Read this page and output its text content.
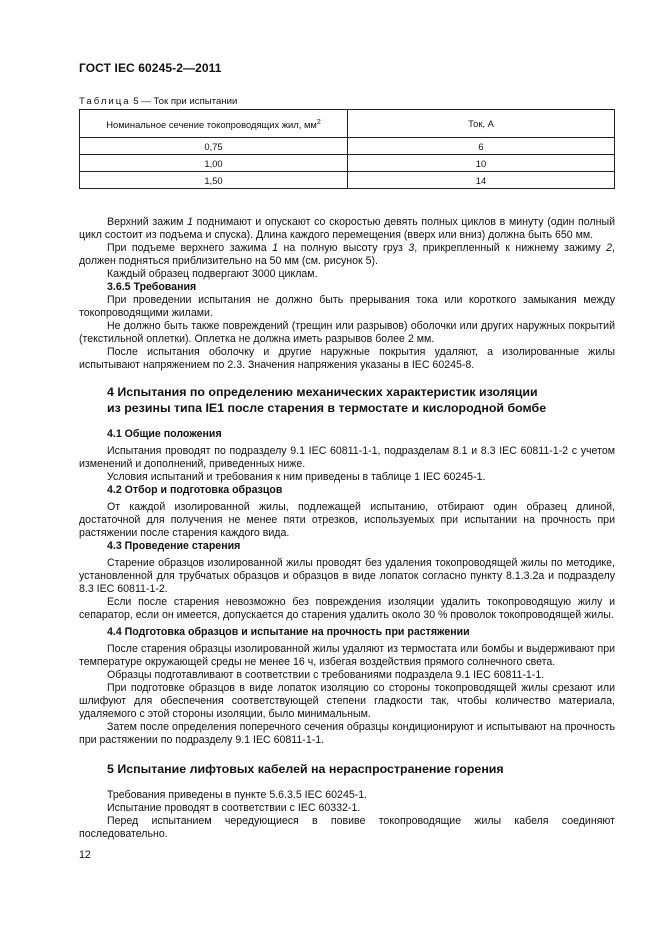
ГОСТ IEC 60245-2—2011
Таблица 5 — Ток при испытании
Номинальное сечение токопроводящих жил, $мм^2$	Ток, А
0,75	6
1,00	10
1,50	14

Верхний зажим 1 поднимают и опускают со скоростью девять полных циклов в минуту (один полный цикл состоит из подъема и спуска). Длина каждого перемещения (вверх или вниз) должна быть 650 мм.

При подъеме верхнего зажима 1 на полную высоту груз 3, прикрепленный к нижнему зажиму 2, должен подняться приблизительно на 50 мм (см. рисунок 5).

Каждый образец подвергают 3000 циклам.

3.6.5 Требования

При проведении испытания не должно быть прерывания тока или короткого замыкания между токопроводящими жилами.

Не должно быть также повреждений (трещин или разрывов) оболочки или других наружных покрытий (текстильной оплетки). Оплетка не должна иметь разрывов более 2 мм.

После испытания оболочку и другие наружные покрытия удаляют, а изолированные жилы испытывают напряжением по 2.3. Значения напряжения указаны в IEC 60245-8.

4 Испытания по определению механических характеристик изоляции
из резины типа IE1 после старения в термостате и кислородной бомбе

4.1 Общие положения

Испытания проводят по подразделу 9.1 IEC 60811-1-1, подразделам 8.1 и 8.3 IEC 60811-1-2 с учетом изменений и дополнений, приведенных ниже.

Условия испытаний и требования к ним приведены в таблице 1 IEC 60245-1.

4.2 Отбор и подготовка образцов

От каждой изолированной жилы, подлежащей испытанию, отбирают один образец длиной, достаточной для получения не менее пяти отрезков, используемых при испытании на прочность при растяжении после старения каждого вида.

4.3 Проведение старения

Старение образцов изолированной жилы проводят без удаления токопроводящей жилы по методике, установленной для трубчатых образцов и образцов в виде лопаток согласно пункту 8.1.3.2а и подразделу 8.3 IEC 60811-1-2.

Если после старения невозможно без повреждения изоляции удалить токопроводящую жилу и сепаратор, если он имеется, допускается до старения удалить около 30 % проволок токопроводящей жилы.

4.4 Подготовка образцов и испытание на прочность при растяжении

После старения образцы изолированной жилы удаляют из термостата или бомбы и выдерживают при температуре окружающей среды не менее 16 ч, избегая воздействия прямого солнечного света.

Образцы подготавливают в соответствии с требованиями подраздела 9.1 IEC 60811-1-1.

При подготовке образцов в виде лопаток изоляцию со стороны токопроводящей жилы срезают или шлифуют для обеспечения соответствующей степени гладкости так, чтобы количество материала, удаляемого с этой стороны изоляции, было минимальным.

Затем после определения поперечного сечения образцы кондиционируют и испытывают на прочность при растяжении по подразделу 9.1 IEC 60811-1-1.

5 Испытание лифтовых кабелей на нераспространение горения

Требования приведены в пункте 5.6.3.5 IEC 60245-1.

Испытание проводят в соответствии с IEC 60332-1.

Перед испытанием чередующиеся в повиве токопроводящие жилы кабеля соединяют последовательно.

12
